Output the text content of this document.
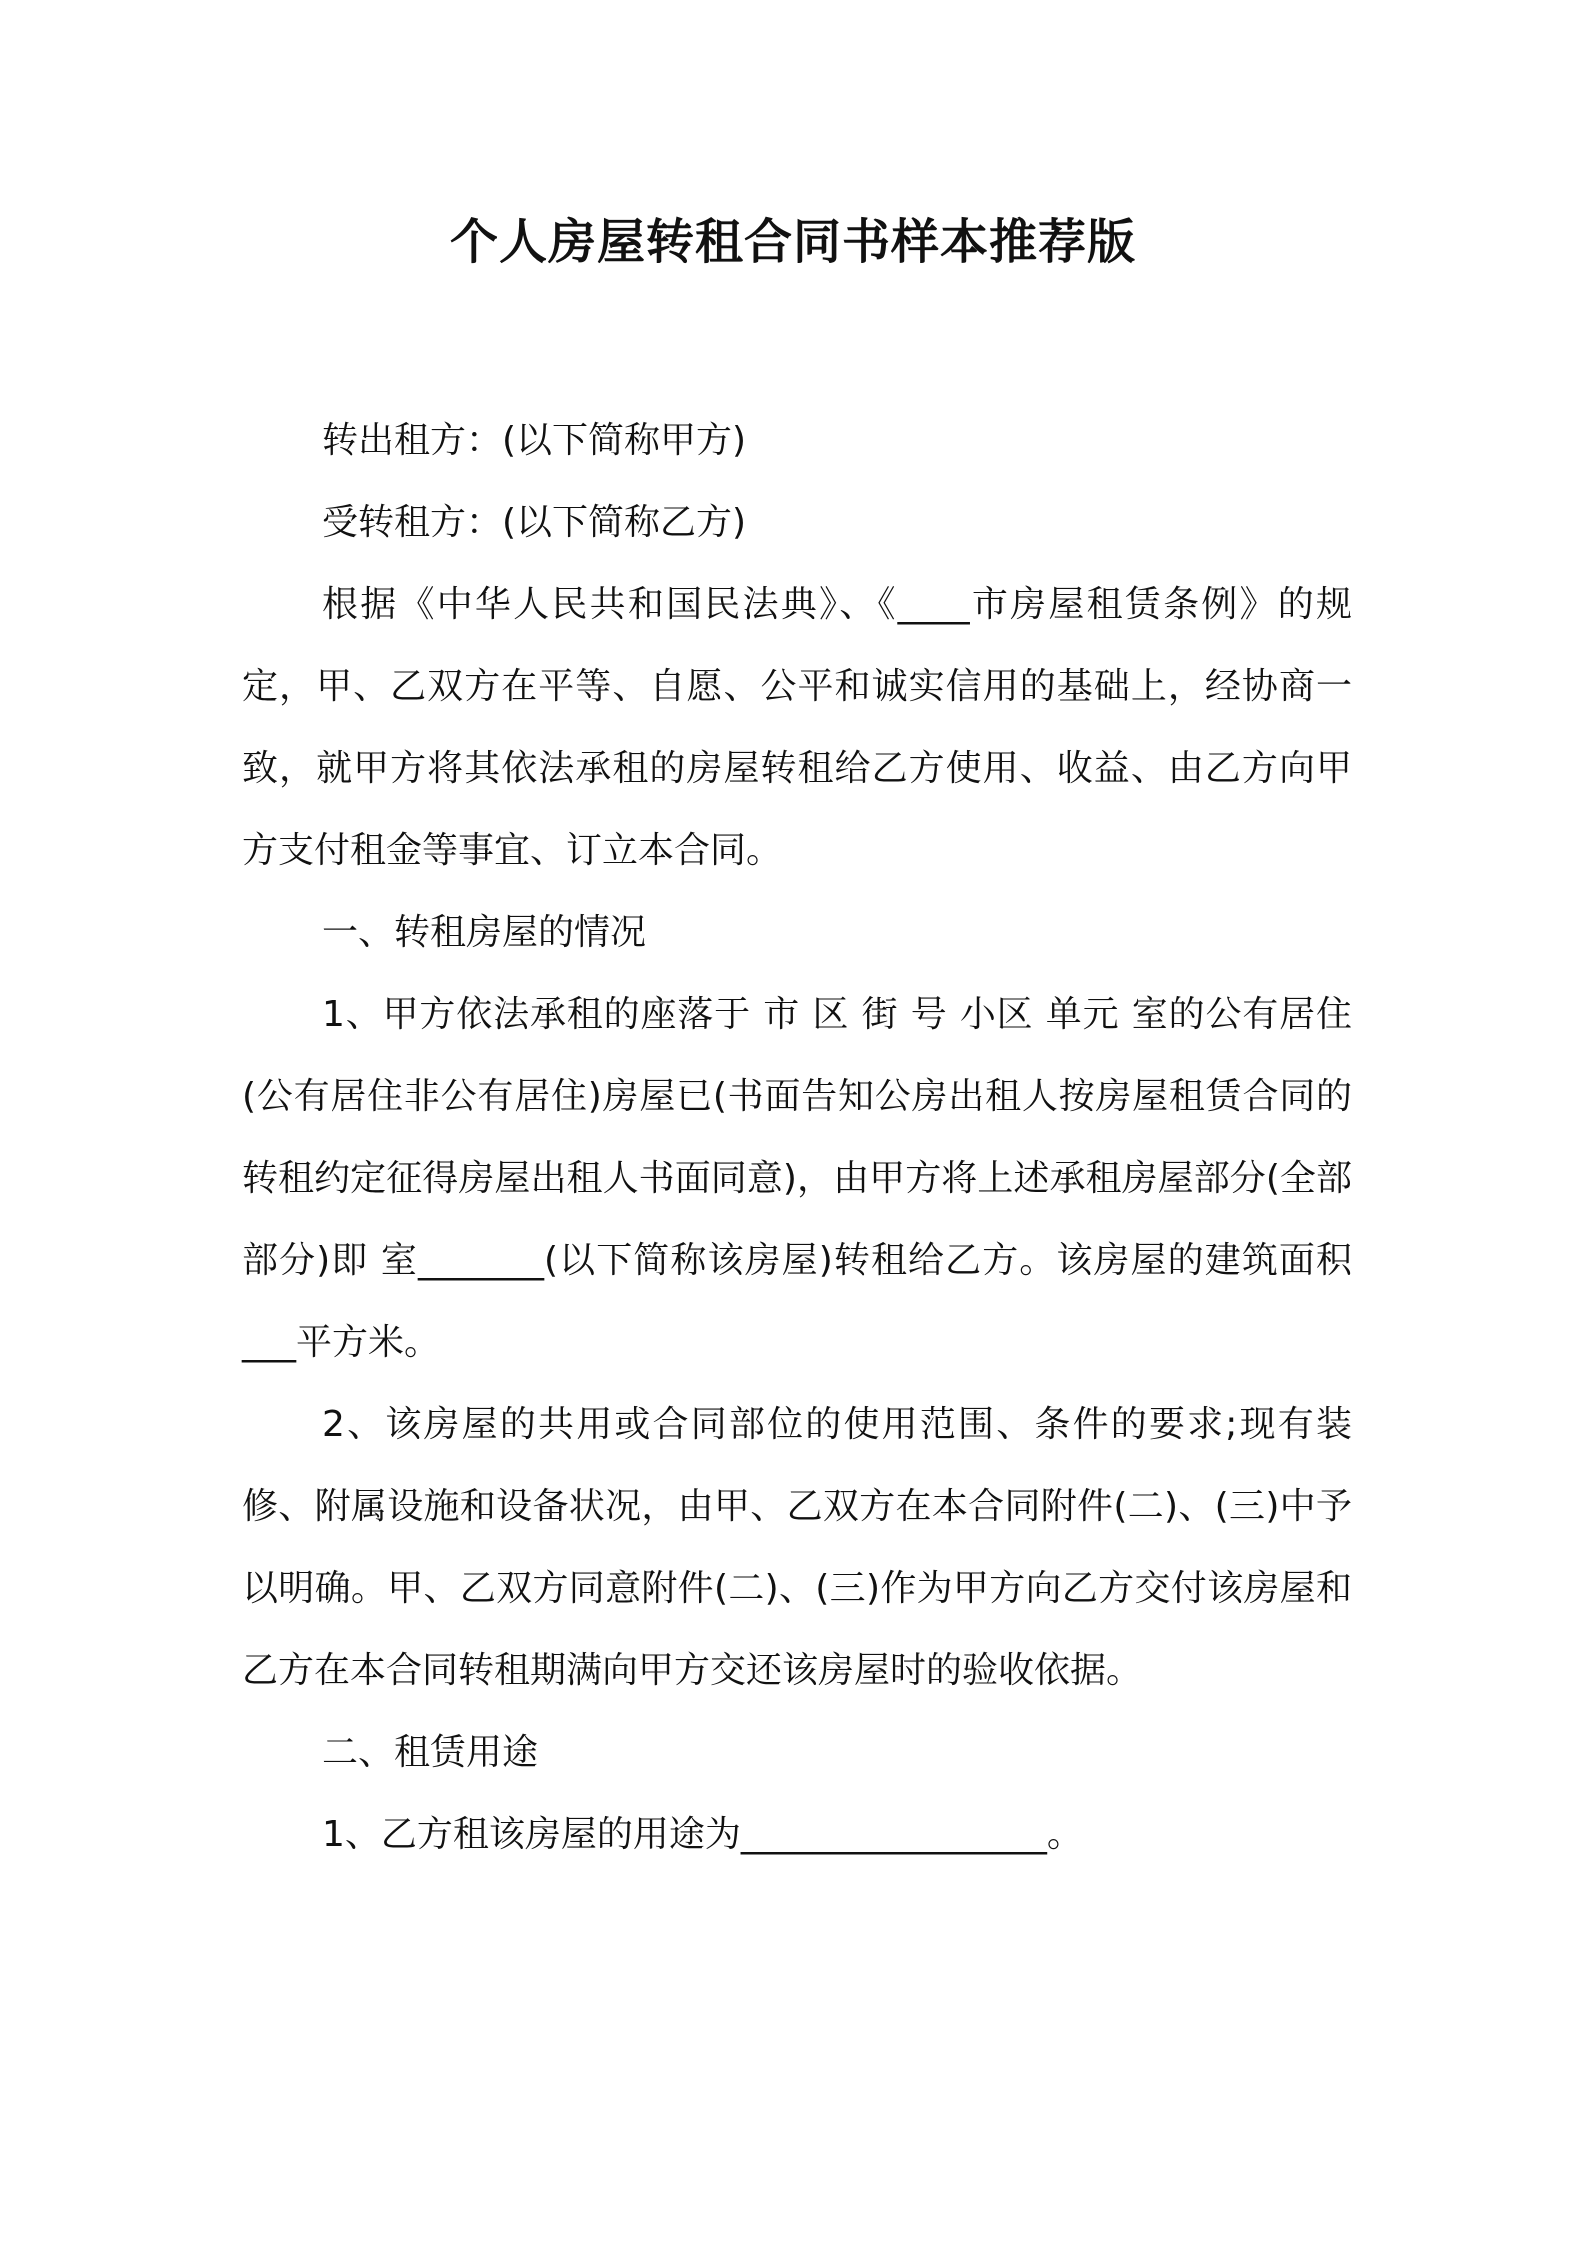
个人房屋转租合同书样本推荐版

转出租方：(以下简称甲方)

受转租方：(以下简称乙方)

根据《中华人民共和国民法典》、《____市房屋租赁条例》的规定，甲、乙双方在平等、自愿、公平和诚实信用的基础上，经协商一致，就甲方将其依法承租的房屋转租给乙方使用、收益、由乙方向甲方支付租金等事宜、订立本合同。

一、转租房屋的情况

1、甲方依法承租的座落于 市 区 街 号 小区 单元 室的公有居住(公有居住非公有居住)房屋已(书面告知公房出租人按房屋租赁合同的转租约定征得房屋出租人书面同意)，由甲方将上述承租房屋部分(全部部分)即 室_______(以下简称该房屋)转租给乙方。该房屋的建筑面积___平方米。

2、该房屋的共用或合同部位的使用范围、条件的要求;现有装修、附属设施和设备状况，由甲、乙双方在本合同附件(二)、(三)中予以明确。甲、乙双方同意附件(二)、(三)作为甲方向乙方交付该房屋和乙方在本合同转租期满向甲方交还该房屋时的验收依据。

二、租赁用途

1、乙方租该房屋的用途为_________________。
